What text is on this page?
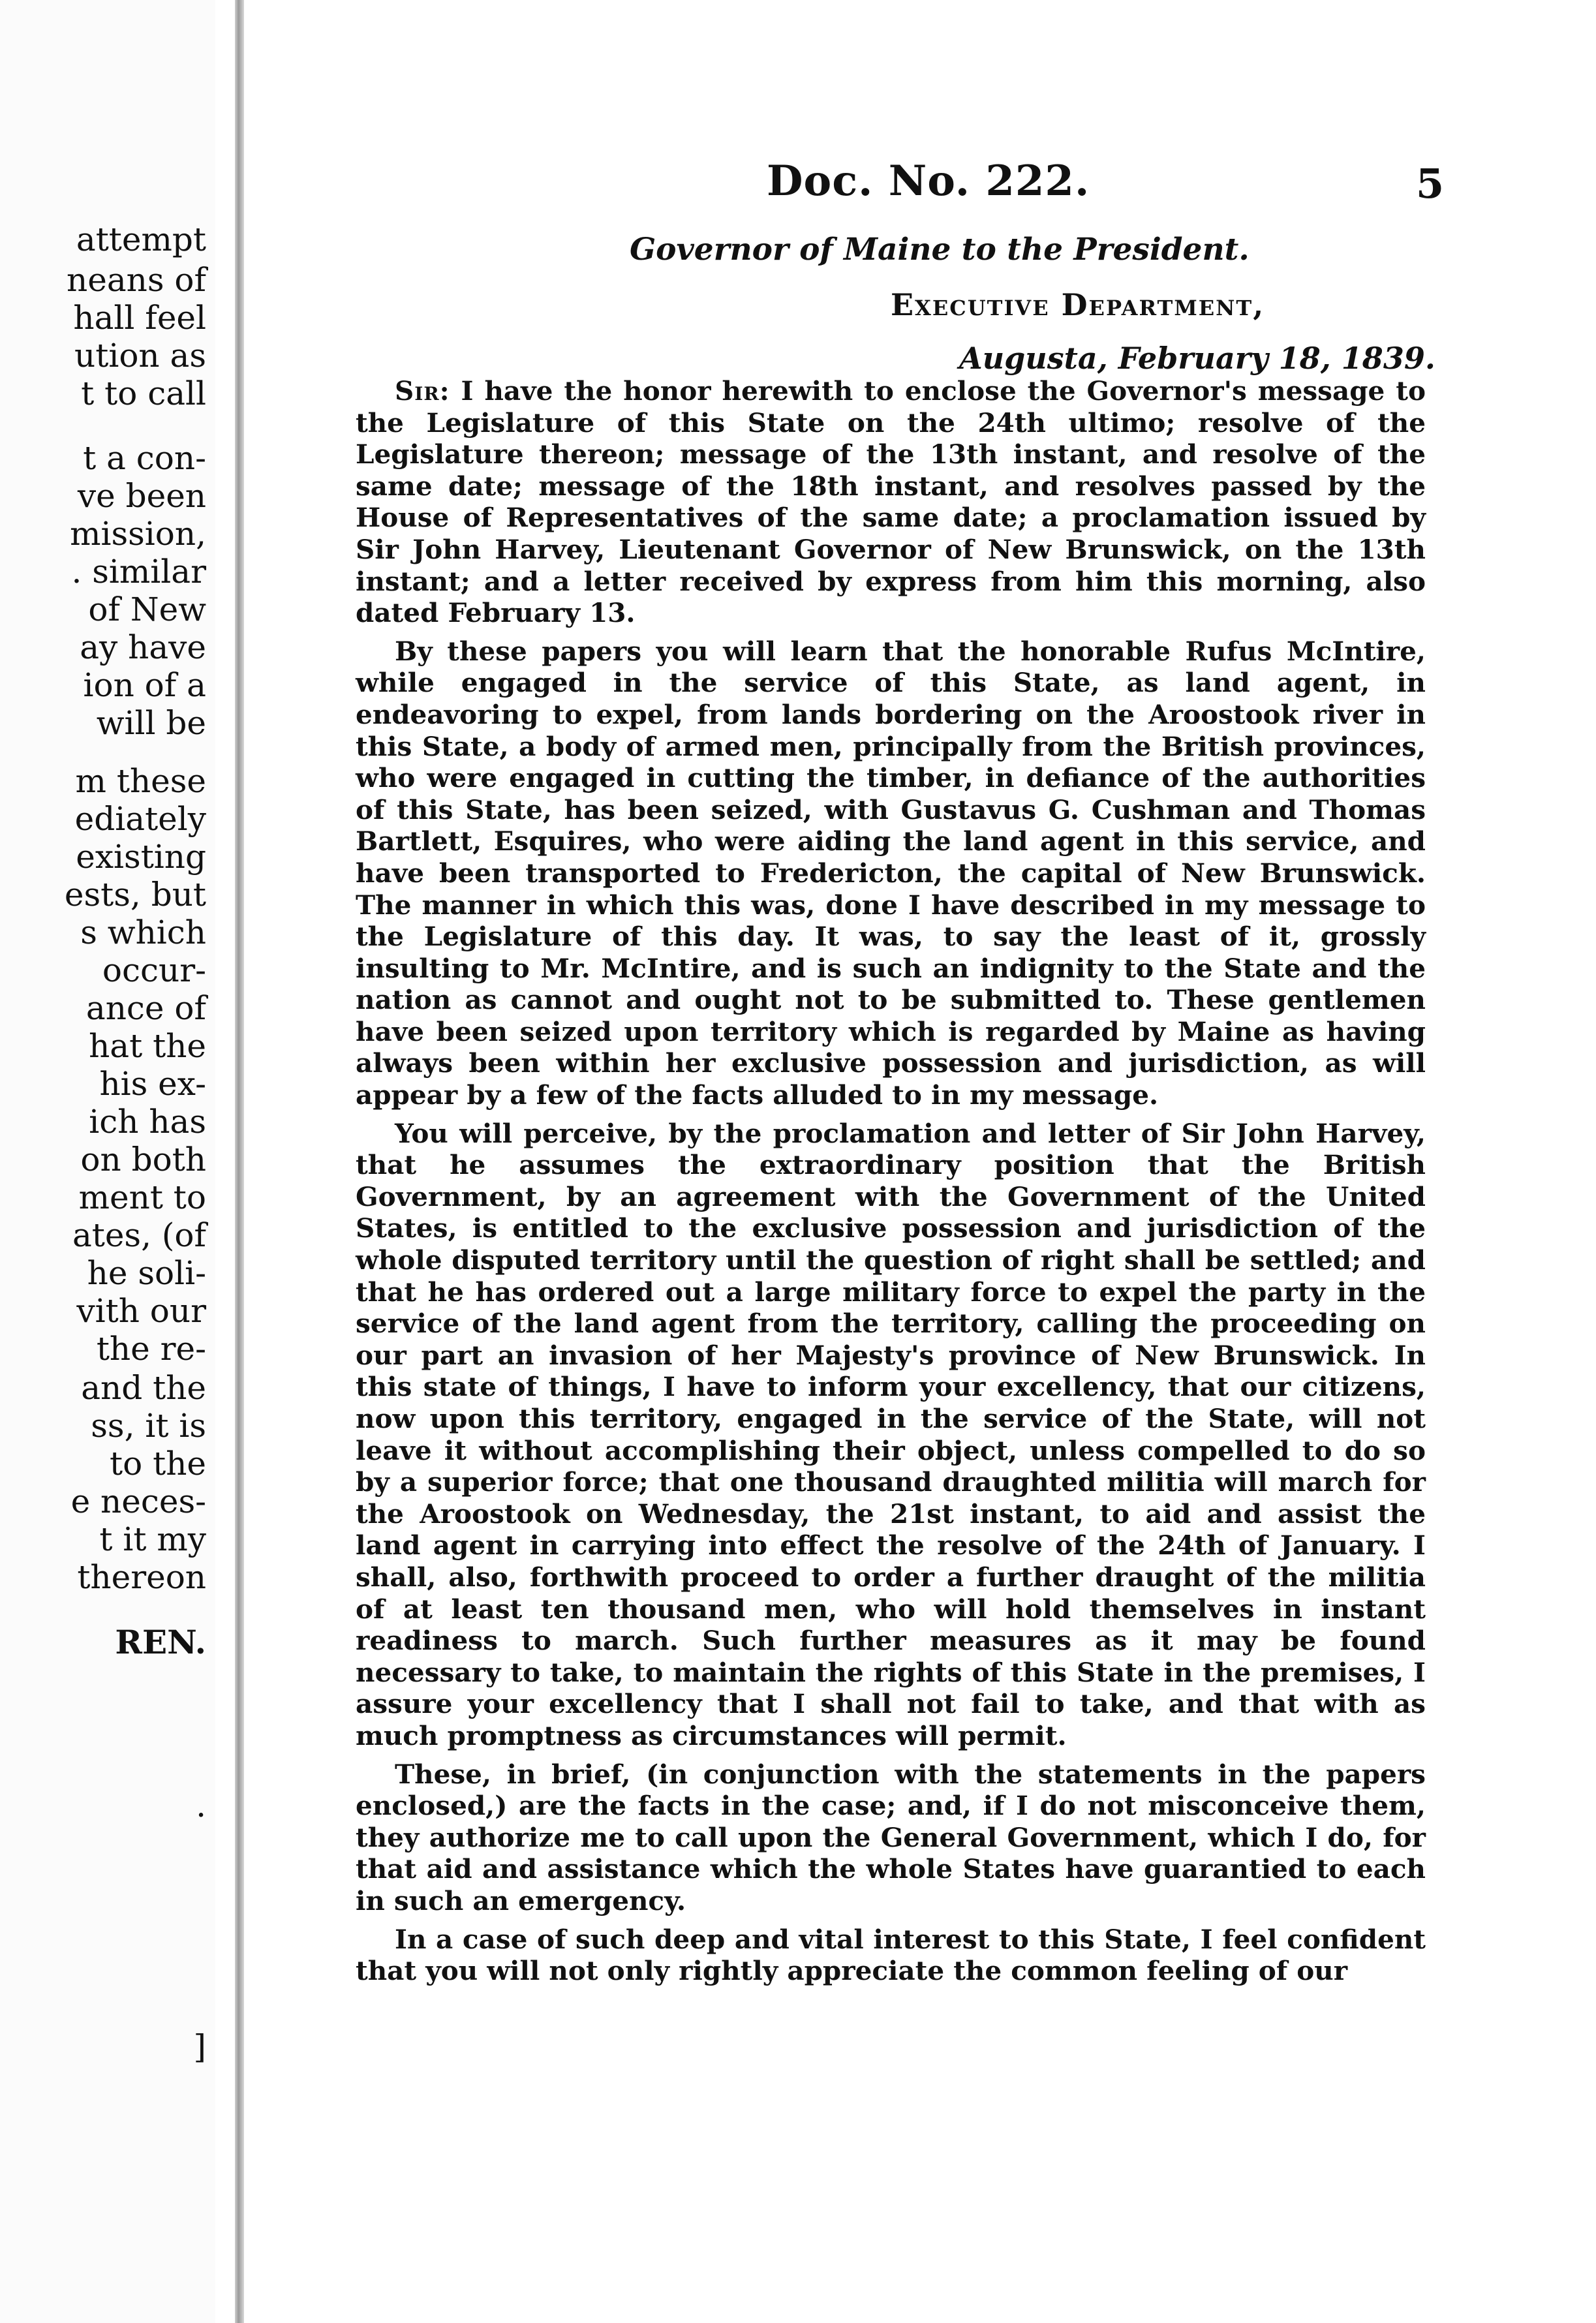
attempt
neans of
hall feel
ution as
t to call
t a con-
ve been
mission,
. similar
of New
ay have
ion of a
will be
m these
ediately
existing
ests, but
s which
occur-
ance of
hat the
his ex-
ich has
on both
ment to
ates, (of
he soli-
vith our
the re-
and the
ss, it is
to the
e neces-
t it my
thereon
REN.
.
]
Doc. No. 222.	5
Governor of Maine to the President.
Executive Department,
Augusta, February 18, 1839.

Sir: I have the honor herewith to enclose the Governor's message to the Legislature of this State on the 24th ultimo; resolve of the Legislature thereon; message of the 13th instant, and resolve of the same date; message of the 18th instant, and resolves passed by the House of Representatives of the same date; a proclamation issued by Sir John Harvey, Lieutenant Governor of New Brunswick, on the 13th instant; and a letter received by express from him this morning, also dated February 13.

By these papers you will learn that the honorable Rufus McIntire, while engaged in the service of this State, as land agent, in endeavoring to expel, from lands bordering on the Aroostook river in this State, a body of armed men, principally from the British provinces, who were engaged in cutting the timber, in defiance of the authorities of this State, has been seized, with Gustavus G. Cushman and Thomas Bartlett, Esquires, who were aiding the land agent in this service, and have been transported to Fredericton, the capital of New Brunswick. The manner in which this was, done I have described in my message to the Legislature of this day. It was, to say the least of it, grossly insulting to Mr. McIntire, and is such an indignity to the State and the nation as cannot and ought not to be submitted to. These gentlemen have been seized upon territory which is regarded by Maine as having always been within her exclusive possession and jurisdiction, as will appear by a few of the facts alluded to in my message.

You will perceive, by the proclamation and letter of Sir John Harvey, that he assumes the extraordinary position that the British Government, by an agreement with the Government of the United States, is entitled to the exclusive possession and jurisdiction of the whole disputed territory until the question of right shall be settled; and that he has ordered out a large military force to expel the party in the service of the land agent from the territory, calling the proceeding on our part an invasion of her Majesty's province of New Brunswick. In this state of things, I have to inform your excellency, that our citizens, now upon this territory, engaged in the service of the State, will not leave it without accomplishing their object, unless compelled to do so by a superior force; that one thousand draughted militia will march for the Aroostook on Wednesday, the 21st instant, to aid and assist the land agent in carrying into effect the resolve of the 24th of January. I shall, also, forthwith proceed to order a further draught of the militia of at least ten thousand men, who will hold themselves in instant readiness to march. Such further measures as it may be found necessary to take, to maintain the rights of this State in the premises, I assure your excellency that I shall not fail to take, and that with as much promptness as circumstances will permit.

These, in brief, (in conjunction with the statements in the papers enclosed,) are the facts in the case; and, if I do not misconceive them, they authorize me to call upon the General Government, which I do, for that aid and assistance which the whole States have guarantied to each in such an emergency.

In a case of such deep and vital interest to this State, I feel confident that you will not only rightly appreciate the common feeling of our
